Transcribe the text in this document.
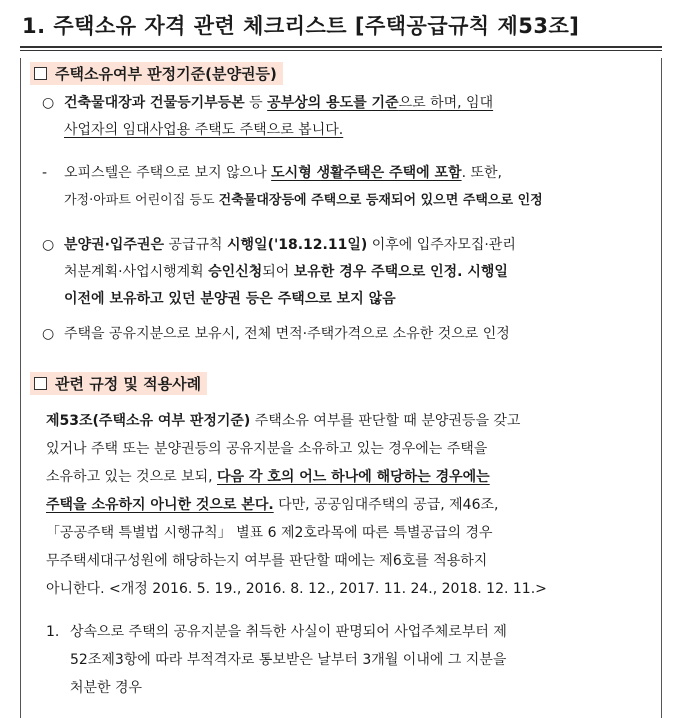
1. 주택소유 자격 관련 체크리스트 [주택공급규칙 제53조]
주택소유여부 판정기준(분양권등)
○ 건축물대장과 건물등기부등본 등 공부상의 용도를 기준으로 하며, 임대
사업자의 임대사업용 주택도 주택으로 봅니다.
- 오피스텔은 주택으로 보지 않으나 도시형 생활주택은 주택에 포함. 또한,
가정·아파트 어린이집 등도 건축물대장등에 주택으로 등재되어 있으면 주택으로 인정
○ 분양권·입주권은 공급규칙 시행일('18.12.11일) 이후에 입주자모집·관리
처분계획·사업시행계획 승인신청되어 보유한 경우 주택으로 인정. 시행일
이전에 보유하고 있던 분양권 등은 주택으로 보지 않음
○ 주택을 공유지분으로 보유시, 전체 면적·주택가격으로 소유한 것으로 인정
관련 규정 및 적용사례
제53조(주택소유 여부 판정기준) 주택소유 여부를 판단할 때 분양권등을 갖고
있거나 주택 또는 분양권등의 공유지분을 소유하고 있는 경우에는 주택을
소유하고 있는 것으로 보되, 다음 각 호의 어느 하나에 해당하는 경우에는
주택을 소유하지 아니한 것으로 본다. 다만, 공공임대주택의 공급, 제46조,
「공공주택 특별법 시행규칙」 별표 6 제2호라목에 따른 특별공급의 경우
무주택세대구성원에 해당하는지 여부를 판단할 때에는 제6호를 적용하지
아니한다. <개정 2016. 5. 19., 2016. 8. 12., 2017. 11. 24., 2018. 12. 11.>
1. 상속으로 주택의 공유지분을 취득한 사실이 판명되어 사업주체로부터 제
52조제3항에 따라 부적격자로 통보받은 날부터 3개월 이내에 그 지분을
처분한 경우
